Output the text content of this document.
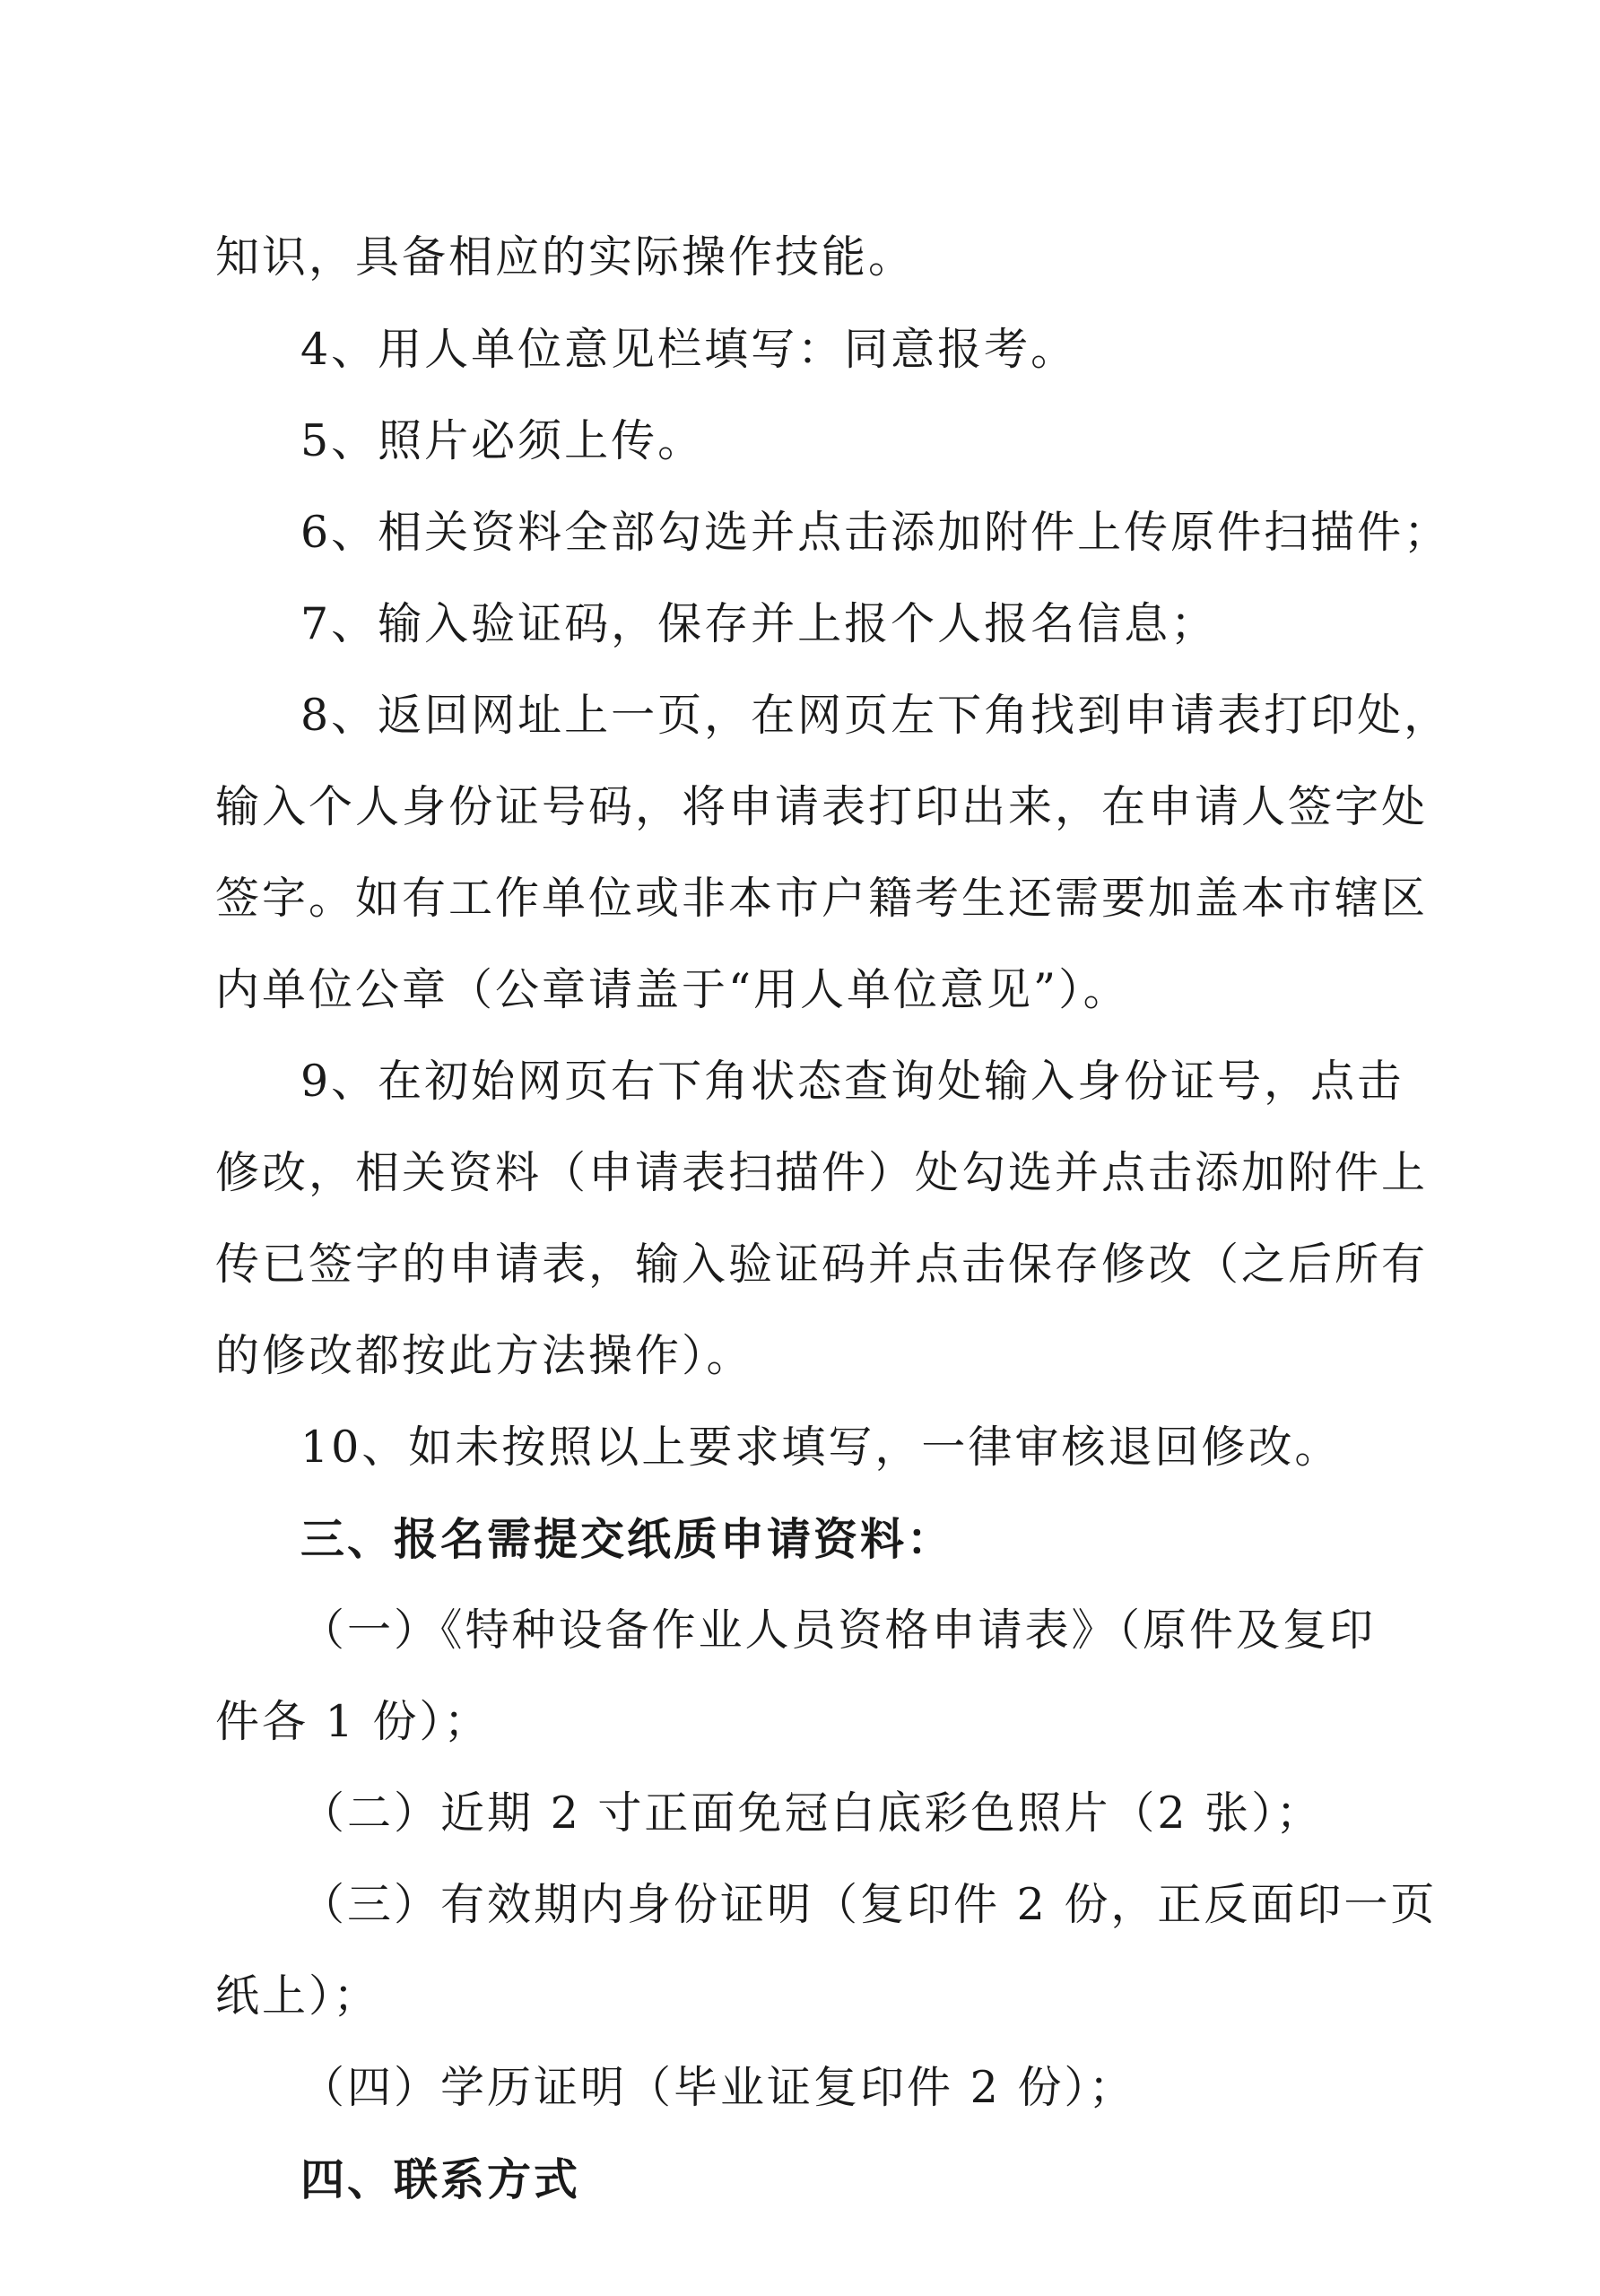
知识，具备相应的实际操作技能。
4、用人单位意见栏填写：同意报考。
5、照片必须上传。
6、相关资料全部勾选并点击添加附件上传原件扫描件；
7、输入验证码，保存并上报个人报名信息；
8、返回网址上一页，在网页左下角找到申请表打印处，
输入个人身份证号码，将申请表打印出来，在申请人签字处
签字。如有工作单位或非本市户籍考生还需要加盖本市辖区
内单位公章（公章请盖于“用人单位意见”）。
9、在初始网页右下角状态查询处输入身份证号，点击
修改，相关资料（申请表扫描件）处勾选并点击添加附件上
传已签字的申请表，输入验证码并点击保存修改（之后所有
的修改都按此方法操作）。
10、如未按照以上要求填写，一律审核退回修改。
三、报名需提交纸质申请资料：
（一）《特种设备作业人员资格申请表》（原件及复印
件各 1 份）；
（二）近期 2 寸正面免冠白底彩色照片（2 张）；
（三）有效期内身份证明（复印件 2 份，正反面印一页
纸上）；
（四）学历证明（毕业证复印件 2 份）；
四、联系方式
